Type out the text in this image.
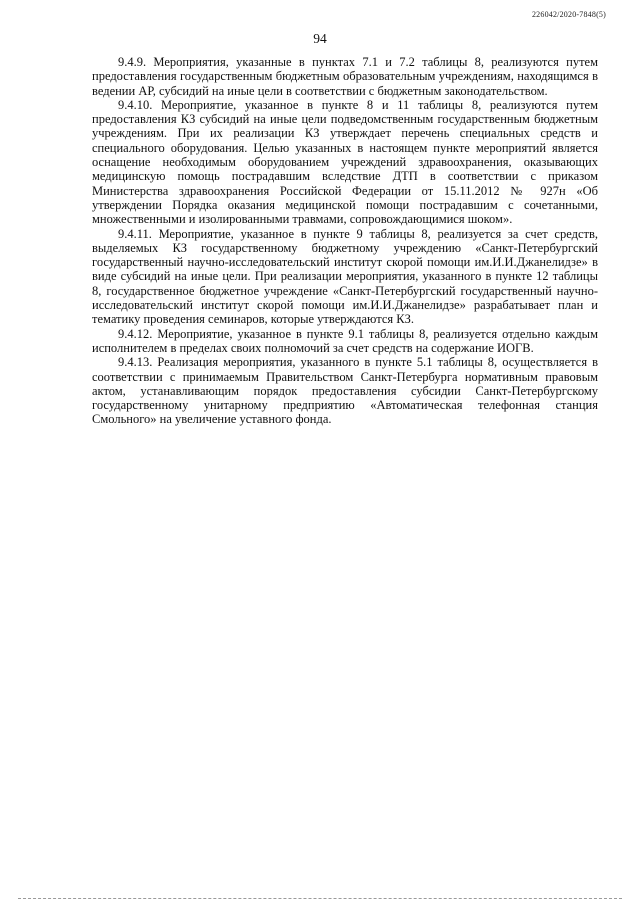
226042/2020-7848(5)
94

9.4.9. Мероприятия, указанные в пунктах 7.1 и 7.2 таблицы 8, реализуются путем предоставления государственным бюджетным образовательным учреждениям, находящимся в ведении АР, субсидий на иные цели в соответствии с бюджетным законодательством.

9.4.10. Мероприятие, указанное в пункте 8 и 11 таблицы 8, реализуются путем предоставления КЗ субсидий на иные цели подведомственным государственным бюджетным учреждениям. При их реализации КЗ утверждает перечень специальных средств и специального оборудования. Целью указанных в настоящем пункте мероприятий является оснащение необходимым оборудованием учреждений здравоохранения, оказывающих медицинскую помощь пострадавшим вследствие ДТП в соответствии с приказом Министерства здравоохранения Российской Федерации от 15.11.2012 № 927н «Об утверждении Порядка оказания медицинской помощи пострадавшим с сочетанными, множественными и изолированными травмами, сопровождающимися шоком».

9.4.11. Мероприятие, указанное в пункте 9 таблицы 8, реализуется за счет средств, выделяемых КЗ государственному бюджетному учреждению «Санкт-Петербургский государственный научно-исследовательский институт скорой помощи им.И.И.Джанелидзе» в виде субсидий на иные цели. При реализации мероприятия, указанного в пункте 12 таблицы 8, государственное бюджетное учреждение «Санкт-Петербургский государственный научно-исследовательский институт скорой помощи им.И.И.Джанелидзе» разрабатывает план и тематику проведения семинаров, которые утверждаются КЗ.

9.4.12. Мероприятие, указанное в пункте 9.1 таблицы 8, реализуется отдельно каждым исполнителем в пределах своих полномочий за счет средств на содержание ИОГВ.

9.4.13. Реализация мероприятия, указанного в пункте 5.1 таблицы 8, осуществляется в соответствии с принимаемым Правительством Санкт-Петербурга нормативным правовым актом, устанавливающим порядок предоставления субсидии Санкт-Петербургскому государственному унитарному предприятию «Автоматическая телефонная станция Смольного» на увеличение уставного фонда.
